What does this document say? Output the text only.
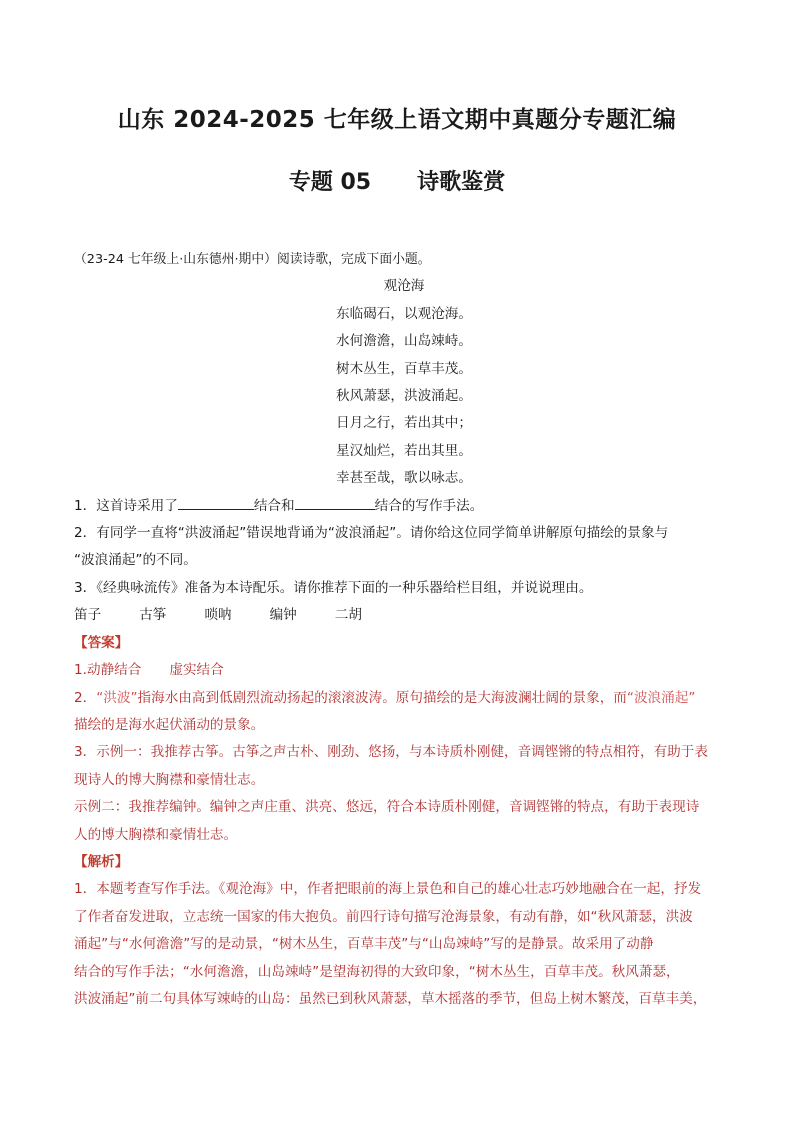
山东 2024-2025 七年级上语文期中真题分专题汇编
专题 05 诗歌鉴赏
（23-24 七年级上·山东德州·期中）阅读诗歌，完成下面小题。
观沧海
东临碣石，以观沧海。
水何澹澹，山岛竦峙。
树木丛生，百草丰茂。
秋风萧瑟，洪波涌起。
日月之行，若出其中；
星汉灿烂，若出其里。
幸甚至哉，歌以咏志。
1．这首诗采用了	结合和	结合的写作手法。
2．有同学一直将“洪波涌起”错误地背诵为“波浪涌起”。请你给这位同学简单讲解原句描绘的景象与
“波浪涌起”的不同。
3．《经典咏流传》准备为本诗配乐。请你推荐下面的一种乐器给栏目组，并说说理由。
笛子	古筝	唢呐	编钟	二胡
【答案】
1.动静结合 虚实结合
2．“洪波”指海水由高到低剧烈流动扬起的滚滚波涛。原句描绘的是大海波澜壮阔的景象，而“波浪涌起”
描绘的是海水起伏涌动的景象。
3．示例一：我推荐古筝。古筝之声古朴、刚劲、悠扬，与本诗质朴刚健，音调铿锵的特点相符，有助于表
现诗人的博大胸襟和豪情壮志。
示例二：我推荐编钟。编钟之声庄重、洪亮、悠远，符合本诗质朴刚健，音调铿锵的特点，有助于表现诗
人的博大胸襟和豪情壮志。
【解析】
1．本题考查写作手法。《观沧海》中，作者把眼前的海上景色和自己的雄心壮志巧妙地融合在一起，抒发
了作者奋发进取，立志统一国家的伟大抱负。前四行诗句描写沧海景象，有动有静，如“秋风萧瑟，洪波
涌起”与“水何澹澹”写的是动景，“树木丛生，百草丰茂”与“山岛竦峙”写的是静景。故采用了动静
结合的写作手法；“水何澹澹，山岛竦峙”是望海初得的大致印象，“树木丛生，百草丰茂。秋风萧瑟，
洪波涌起”前二句具体写竦峙的山岛：虽然已到秋风萧瑟，草木摇落的季节，但岛上树木繁茂，百草丰美，
